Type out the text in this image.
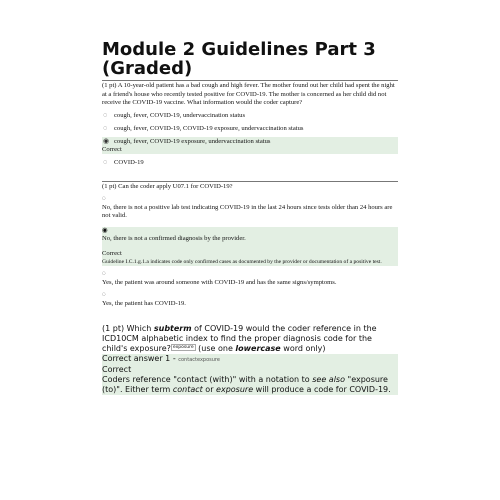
Module 2 Guidelines Part 3 (Graded)
(1 pt) A 10-year-old patient has a bad cough and high fever. The mother found out her child had spent the night at a friend's house who recently tested positive for COVID-19. The mother is concerned as her child did not receive the COVID-19 vaccine. What information would the coder capture?
◌ cough, fever, COVID-19, undervaccination status
◌ cough, fever, COVID-19, COVID-19 exposure, undervaccination status
◉ cough, fever, COVID-19 exposure, undervaccination status
Correct
◌ COVID-19
(1 pt) Can the coder apply U07.1 for COVID-19?
◌
No, there is not a positive lab test indicating COVID-19 in the last 24 hours since tests older than 24 hours are not valid.
◉
No, there is not a confirmed diagnosis by the provider.
Correct
Guideline I.C.1.g.1.a indicates code only confirmed cases as documented by the provider or documentation of a positive test.
◌
Yes, the patient was around someone with COVID-19 and has the same signs/symptoms.
◌
Yes, the patient has COVID-19.
(1 pt) Which subterm of COVID-19 would the coder reference in the ICD10CM alphabetic index to find the proper diagnosis code for the child's exposure? exposure (use one lowercase word only)
Correct answer 1 - contactexposure
Correct
Coders reference "contact (with)" with a notation to see also "exposure (to)". Either term contact or exposure will produce a code for COVID-19.
